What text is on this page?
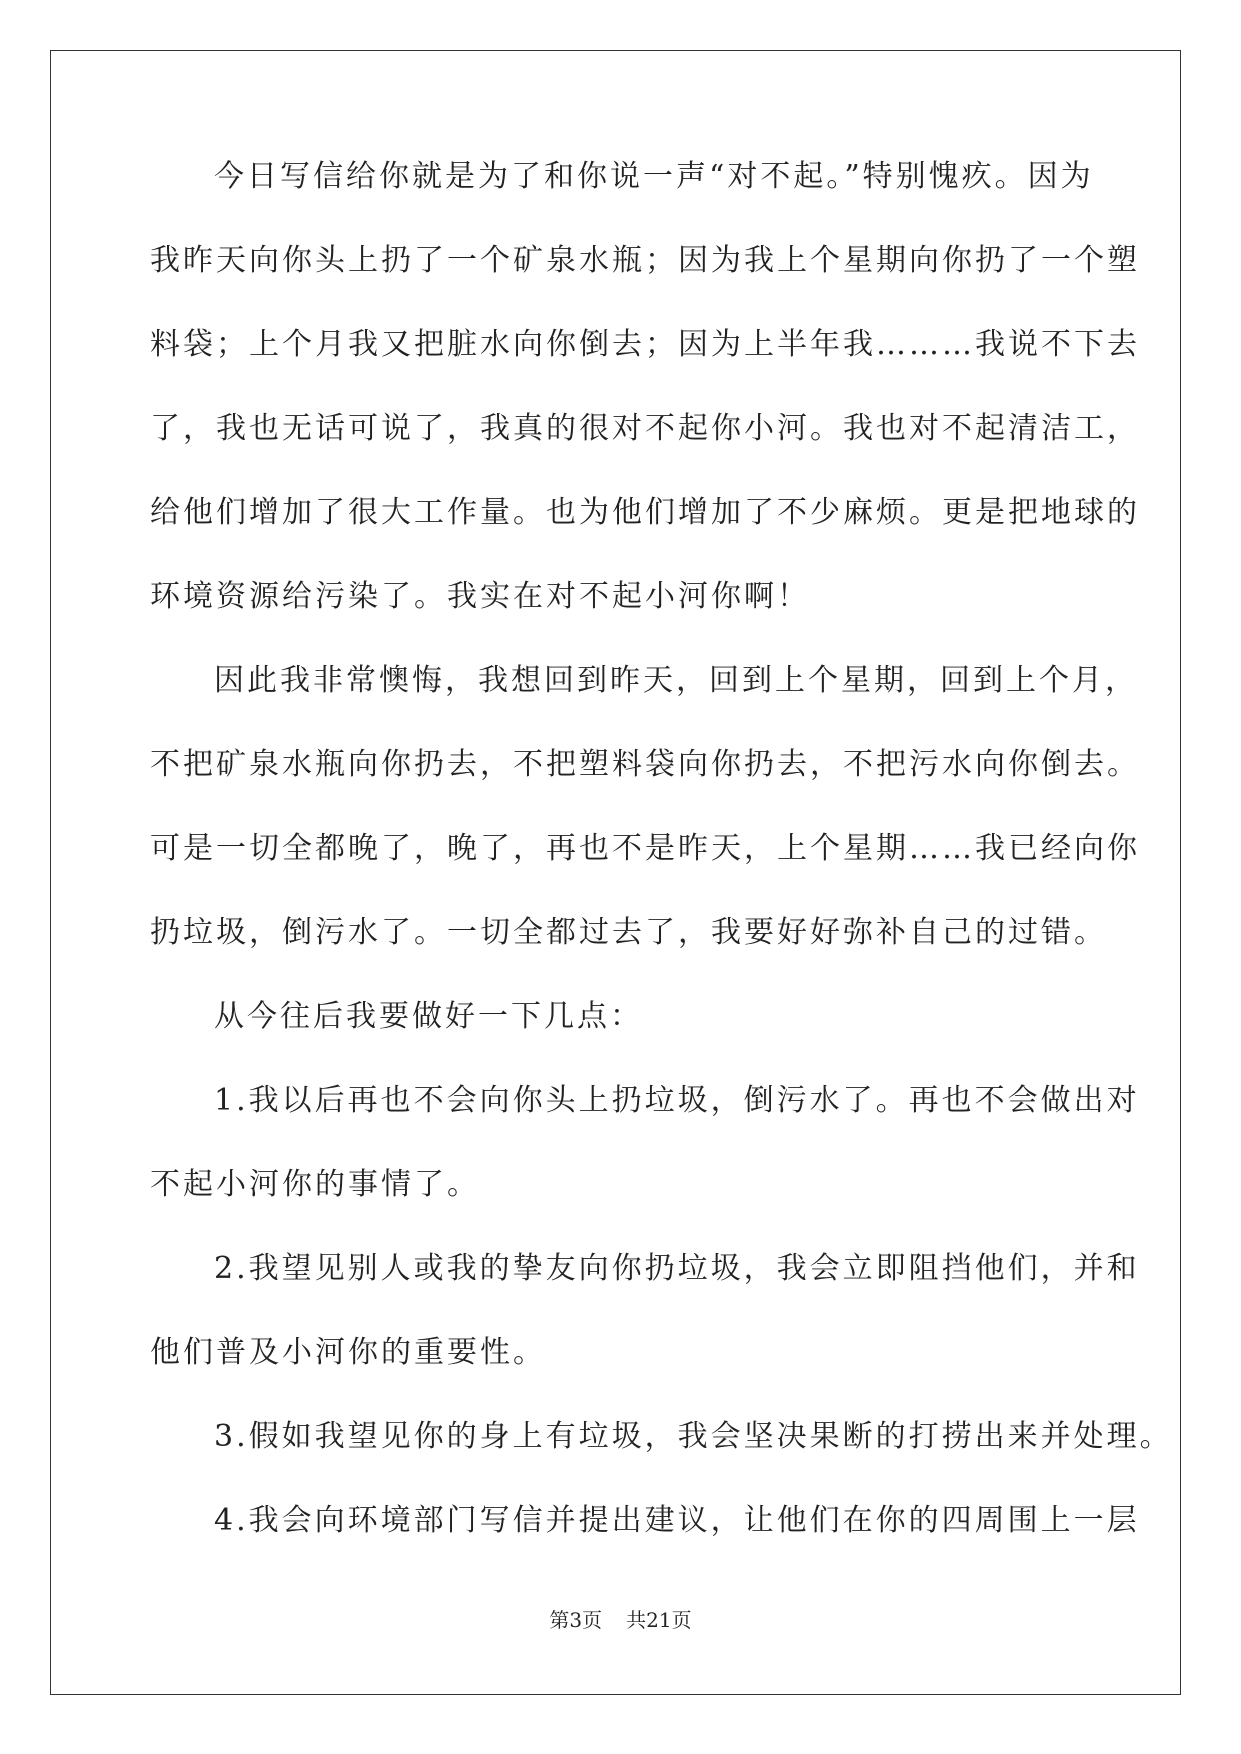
今日写信给你就是为了和你说一声“对不起。”特别愧疚。因为
我昨天向你头上扔了一个矿泉水瓶；因为我上个星期向你扔了一个塑
料袋；上个月我又把脏水向你倒去；因为上半年我………我说不下去
了，我也无话可说了，我真的很对不起你小河。我也对不起清洁工，
给他们增加了很大工作量。也为他们增加了不少麻烦。更是把地球的
环境资源给污染了。我实在对不起小河你啊！
因此我非常懊悔，我想回到昨天，回到上个星期，回到上个月，
不把矿泉水瓶向你扔去，不把塑料袋向你扔去，不把污水向你倒去。
可是一切全都晚了，晚了，再也不是昨天，上个星期……我已经向你
扔垃圾，倒污水了。一切全都过去了，我要好好弥补自己的过错。
从今往后我要做好一下几点：
1.我以后再也不会向你头上扔垃圾，倒污水了。再也不会做出对
不起小河你的事情了。
2.我望见别人或我的挚友向你扔垃圾，我会立即阻挡他们，并和
他们普及小河你的重要性。
3.假如我望见你的身上有垃圾，我会坚决果断的打捞出来并处理。
4.我会向环境部门写信并提出建议，让他们在你的四周围上一层
第3页 共21页
